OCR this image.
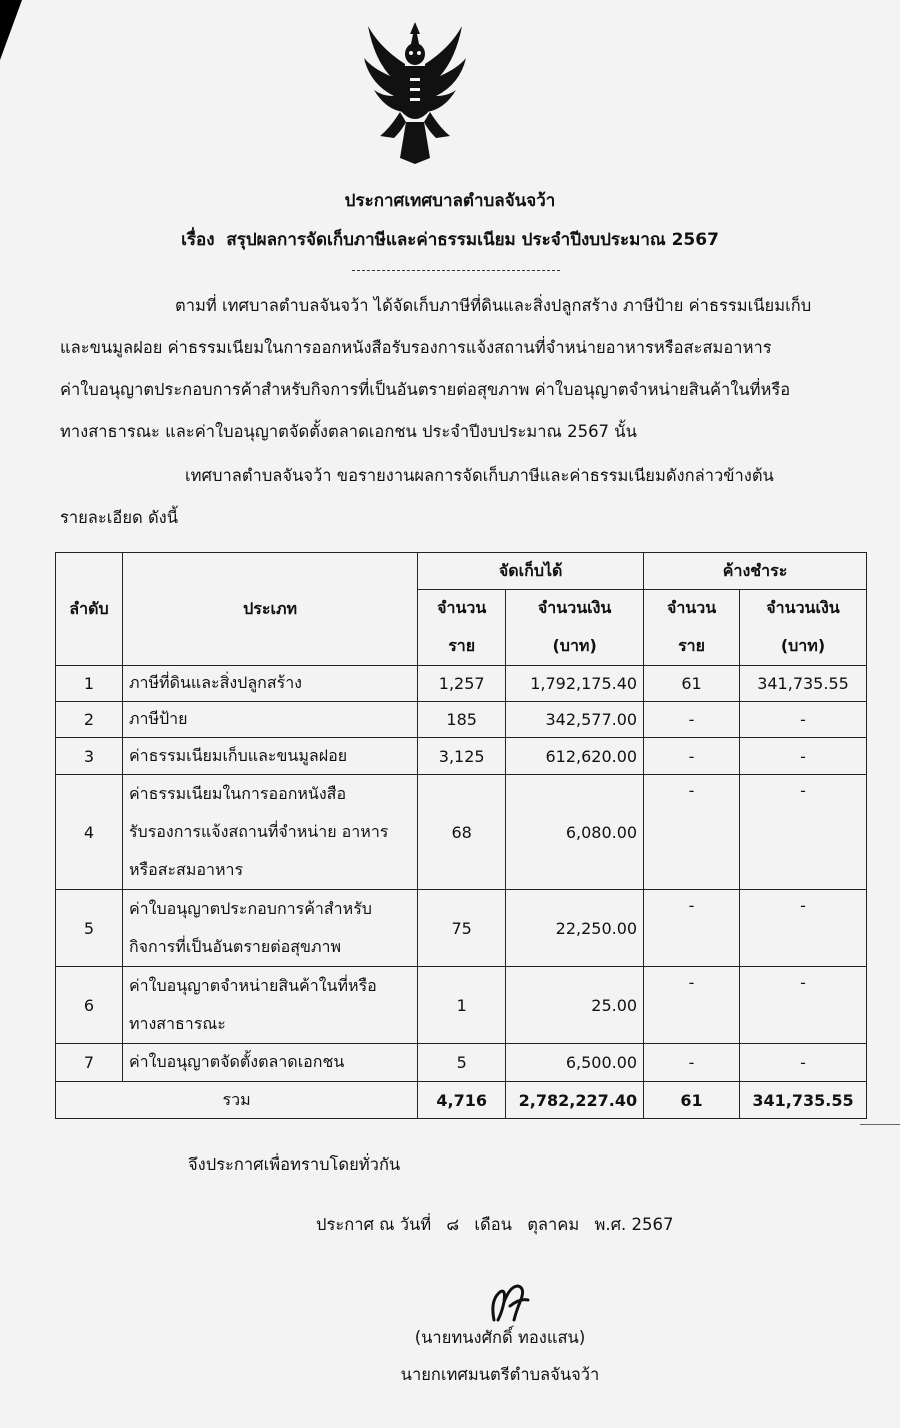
ประกาศเทศบาลตำบลจันจว้า
เรื่อง สรุปผลการจัดเก็บภาษีและค่าธรรมเนียม ประจำปีงบประมาณ 2567
ตามที่ เทศบาลตำบลจันจว้า ได้จัดเก็บภาษีที่ดินและสิ่งปลูกสร้าง ภาษีป้าย ค่าธรรมเนียมเก็บ
และขนมูลฝอย ค่าธรรมเนียมในการออกหนังสือรับรองการแจ้งสถานที่จำหน่ายอาหารหรือสะสมอาหาร
ค่าใบอนุญาตประกอบการค้าสำหรับกิจการที่เป็นอันตรายต่อสุขภาพ ค่าใบอนุญาตจำหน่ายสินค้าในที่หรือ
ทางสาธารณะ และค่าใบอนุญาตจัดตั้งตลาดเอกชน ประจำปีงบประมาณ 2567 นั้น
เทศบาลตำบลจันจว้า ขอรายงานผลการจัดเก็บภาษีและค่าธรรมเนียมดังกล่าวข้างต้น
รายละเอียด ดังนี้
ลำดับ	ประเภท	จัดเก็บได้		ค้างชำระ	
		จำนวน	จำนวนเงิน	จำนวน	จำนวนเงิน
		ราย	(บาท)	ราย	(บาท)
1	ภาษีที่ดินและสิ่งปลูกสร้าง	1,257	1,792,175.40	61	341,735.55
2	ภาษีป้าย	185	342,577.00	-	-
3	ค่าธรรมเนียมเก็บและขนมูลฝอย	3,125	612,620.00	-	-
4	ค่าธรรมเนียมในการออกหนังสือ
รับรองการแจ้งสถานที่จำหน่าย อาหาร
หรือสะสมอาหาร	68	6,080.00	-	-
5	ค่าใบอนุญาตประกอบการค้าสำหรับ
กิจการที่เป็นอันตรายต่อสุขภาพ	75	22,250.00	-	-
6	ค่าใบอนุญาตจำหน่ายสินค้าในที่หรือ
ทางสาธารณะ	1	25.00	-	-
7	ค่าใบอนุญาตจัดตั้งตลาดเอกชน	5	6,500.00	-	-
รวม		4,716	2,782,227.40	61	341,735.55
จึงประกาศเพื่อทราบโดยทั่วกัน
ประกาศ ณ วันที่ ๘ เดือน ตุลาคม พ.ศ. 2567
(นายทนงศักดิ์ ทองแสน)
นายกเทศมนตรีตำบลจันจว้า
